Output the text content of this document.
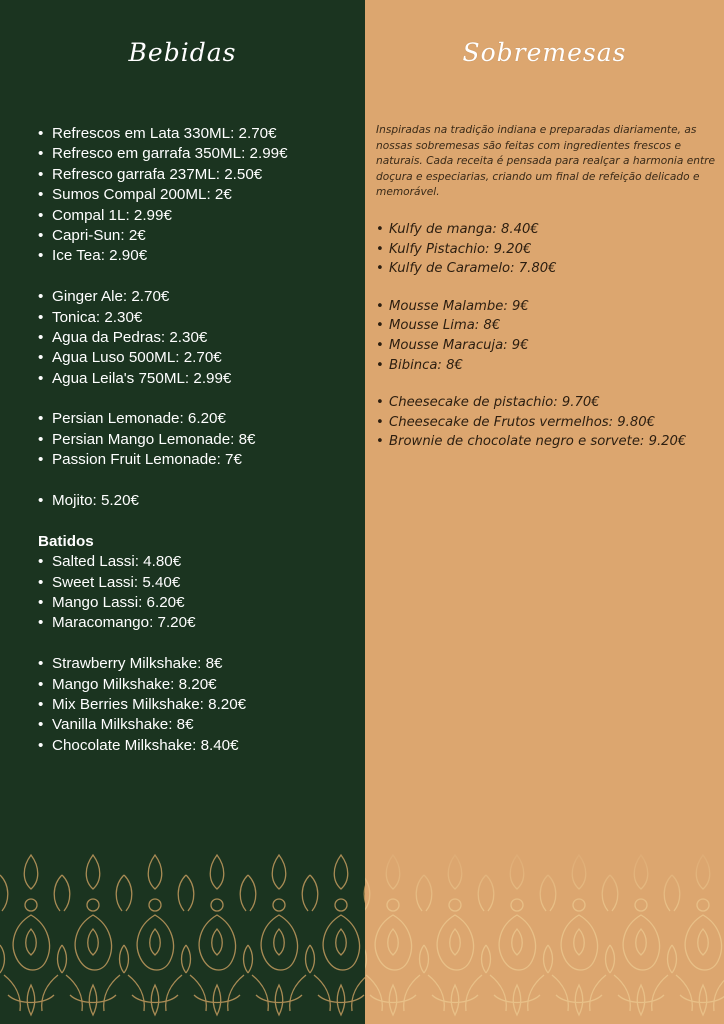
Bebidas
• Refrescos em Lata 330ML: 2.70€
• Refresco em garrafa 350ML: 2.99€
• Refresco garrafa 237ML: 2.50€
• Sumos Compal 200ML: 2€
• Compal 1L: 2.99€
• Capri-Sun: 2€
• Ice Tea: 2.90€
• Ginger Ale: 2.70€
• Tonica: 2.30€
• Agua da Pedras: 2.30€
• Agua Luso 500ML: 2.70€
• Agua Leila's 750ML: 2.99€
• Persian Lemonade: 6.20€
• Persian Mango Lemonade: 8€
• Passion Fruit Lemonade: 7€
• Mojito: 5.20€
Batidos
• Salted Lassi: 4.80€
• Sweet Lassi: 5.40€
• Mango Lassi: 6.20€
• Maracomango: 7.20€
• Strawberry Milkshake: 8€
• Mango Milkshake: 8.20€
• Mix Berries Milkshake: 8.20€
• Vanilla Milkshake: 8€
• Chocolate Milkshake: 8.40€
Sobremesas

Inspiradas na tradição indiana e preparadas diariamente, as nossas sobremesas são feitas com ingredientes frescos e naturais. Cada receita é pensada para realçar a harmonia entre doçura e especiarias, criando um final de refeição delicado e memorável.

• Kulfy de manga: 8.40€
• Kulfy Pistachio: 9.20€
• Kulfy de Caramelo: 7.80€
• Mousse Malambe: 9€
• Mousse Lima: 8€
• Mousse Maracuja: 9€
• Bibinca: 8€
• Cheesecake de pistachio: 9.70€
• Cheesecake de Frutos vermelhos: 9.80€
• Brownie de chocolate negro e sorvete: 9.20€
